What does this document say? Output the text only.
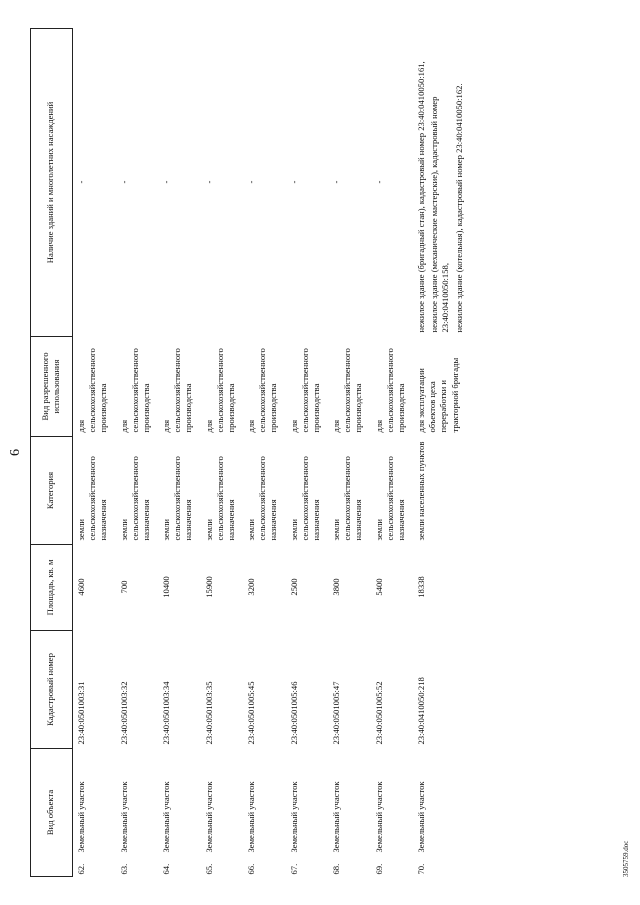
6
Вид объекта	Кадастровый номер	Площадь, кв. м	Категория	Вид разрешенного использования	Наличие зданий и многолетних насаждений
62.Земельный участок	23:40:0501003:31	4600	земли сельскохозяйственного назначения	для сельскохозяйственного производства	-

63.Земельный участок	23:40:0501003:32	700	земли сельскохозяйственного назначения	для сельскохозяйственного производства	-

64.Земельный участок	23:40:0501003:34	10400	земли сельскохозяйственного назначения	для сельскохозяйственного производства	-

65.Земельный участок	23:40:0501003:35	15900	земли сельскохозяйственного назначения	для сельскохозяйственного производства	-

66.Земельный участок	23:40:0501005:45	3200	земли сельскохозяйственного назначения	для сельскохозяйственного производства	-

67.Земельный участок	23:40:0501005:46	2500	земли сельскохозяйственного назначения	для сельскохозяйственного производства	-

68.Земельный участок	23:40:0501005:47	3800	земли сельскохозяйственного назначения	для сельскохозяйственного производства	-

69.Земельный участок	23:40:0501005:52	5400	земли сельскохозяйственного назначения	для сельскохозяйственного производства	-

70.Земельный участок	23:40:0410050:218	18338	земли населенных пунктов	для эксплуатации объектов цеха переработки и тракторной бригады	нежилое здание (бригадный стан), кадастровый номер 23:40:0410050:161, нежилое здание (механические мастерские), кадастровый номер 23:40:0410050:158, нежилое здание (котельная), кадастровый номер 23:40:0410050:162.
3505759.doc
